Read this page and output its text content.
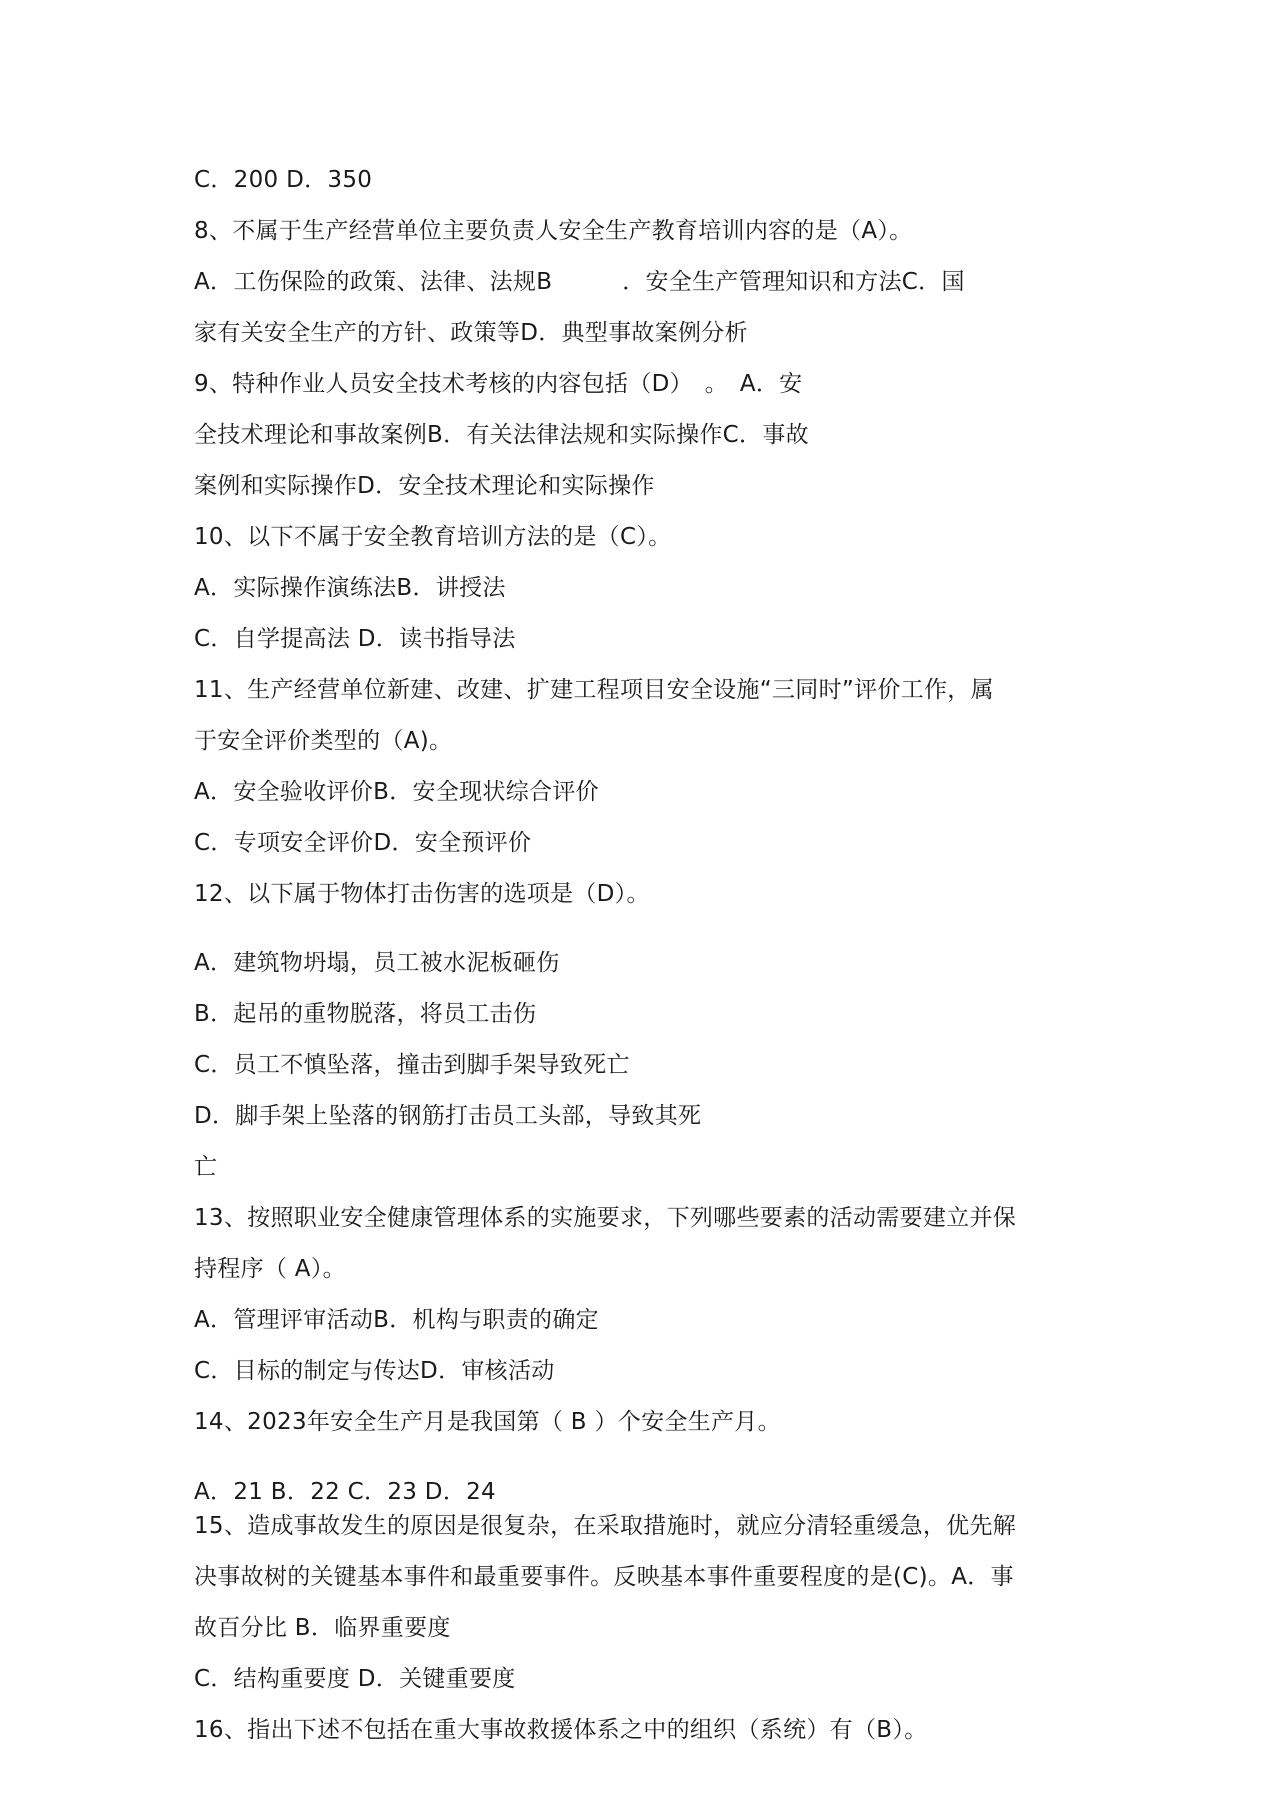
C．200 D．350
8、不属于生产经营单位主要负责人安全生产教育培训内容的是（A）。
A．工伤保险的政策、法律、法规B　　　．安全生产管理知识和方法C．国
家有关安全生产的方针、政策等D．典型事故案例分析
9、特种作业人员安全技术考核的内容包括（D）　。　A．安
全技术理论和事故案例B．有关法律法规和实际操作C．事故
案例和实际操作D．安全技术理论和实际操作
10、以下不属于安全教育培训方法的是（C）。
A．实际操作演练法B．讲授法
C．自学提高法 D．读书指导法
11、生产经营单位新建、改建、扩建工程项目安全设施“三同时”评价工作，属
于安全评价类型的（A)。
A．安全验收评价B．安全现状综合评价
C．专项安全评价D．安全预评价
12、以下属于物体打击伤害的选项是（D）。
A．建筑物坍塌，员工被水泥板砸伤
B．起吊的重物脱落，将员工击伤
C．员工不慎坠落，撞击到脚手架导致死亡
D．脚手架上坠落的钢筋打击员工头部，导致其死
亡
13、按照职业安全健康管理体系的实施要求，下列哪些要素的活动需要建立并保
持程序（ A）。
A．管理评审活动B．机构与职责的确定
C．目标的制定与传达D．审核活动
14、2023年安全生产月是我国第（ B ）个安全生产月。
A．21 B．22 C．23 D．24
15、造成事故发生的原因是很复杂，在采取措施时，就应分清轻重缓急，优先解
决事故树的关键基本事件和最重要事件。反映基本事件重要程度的是(C)。A．事
故百分比 B．临界重要度
C．结构重要度 D．关键重要度
16、指出下述不包括在重大事故救援体系之中的组织（系统）有（B）。
